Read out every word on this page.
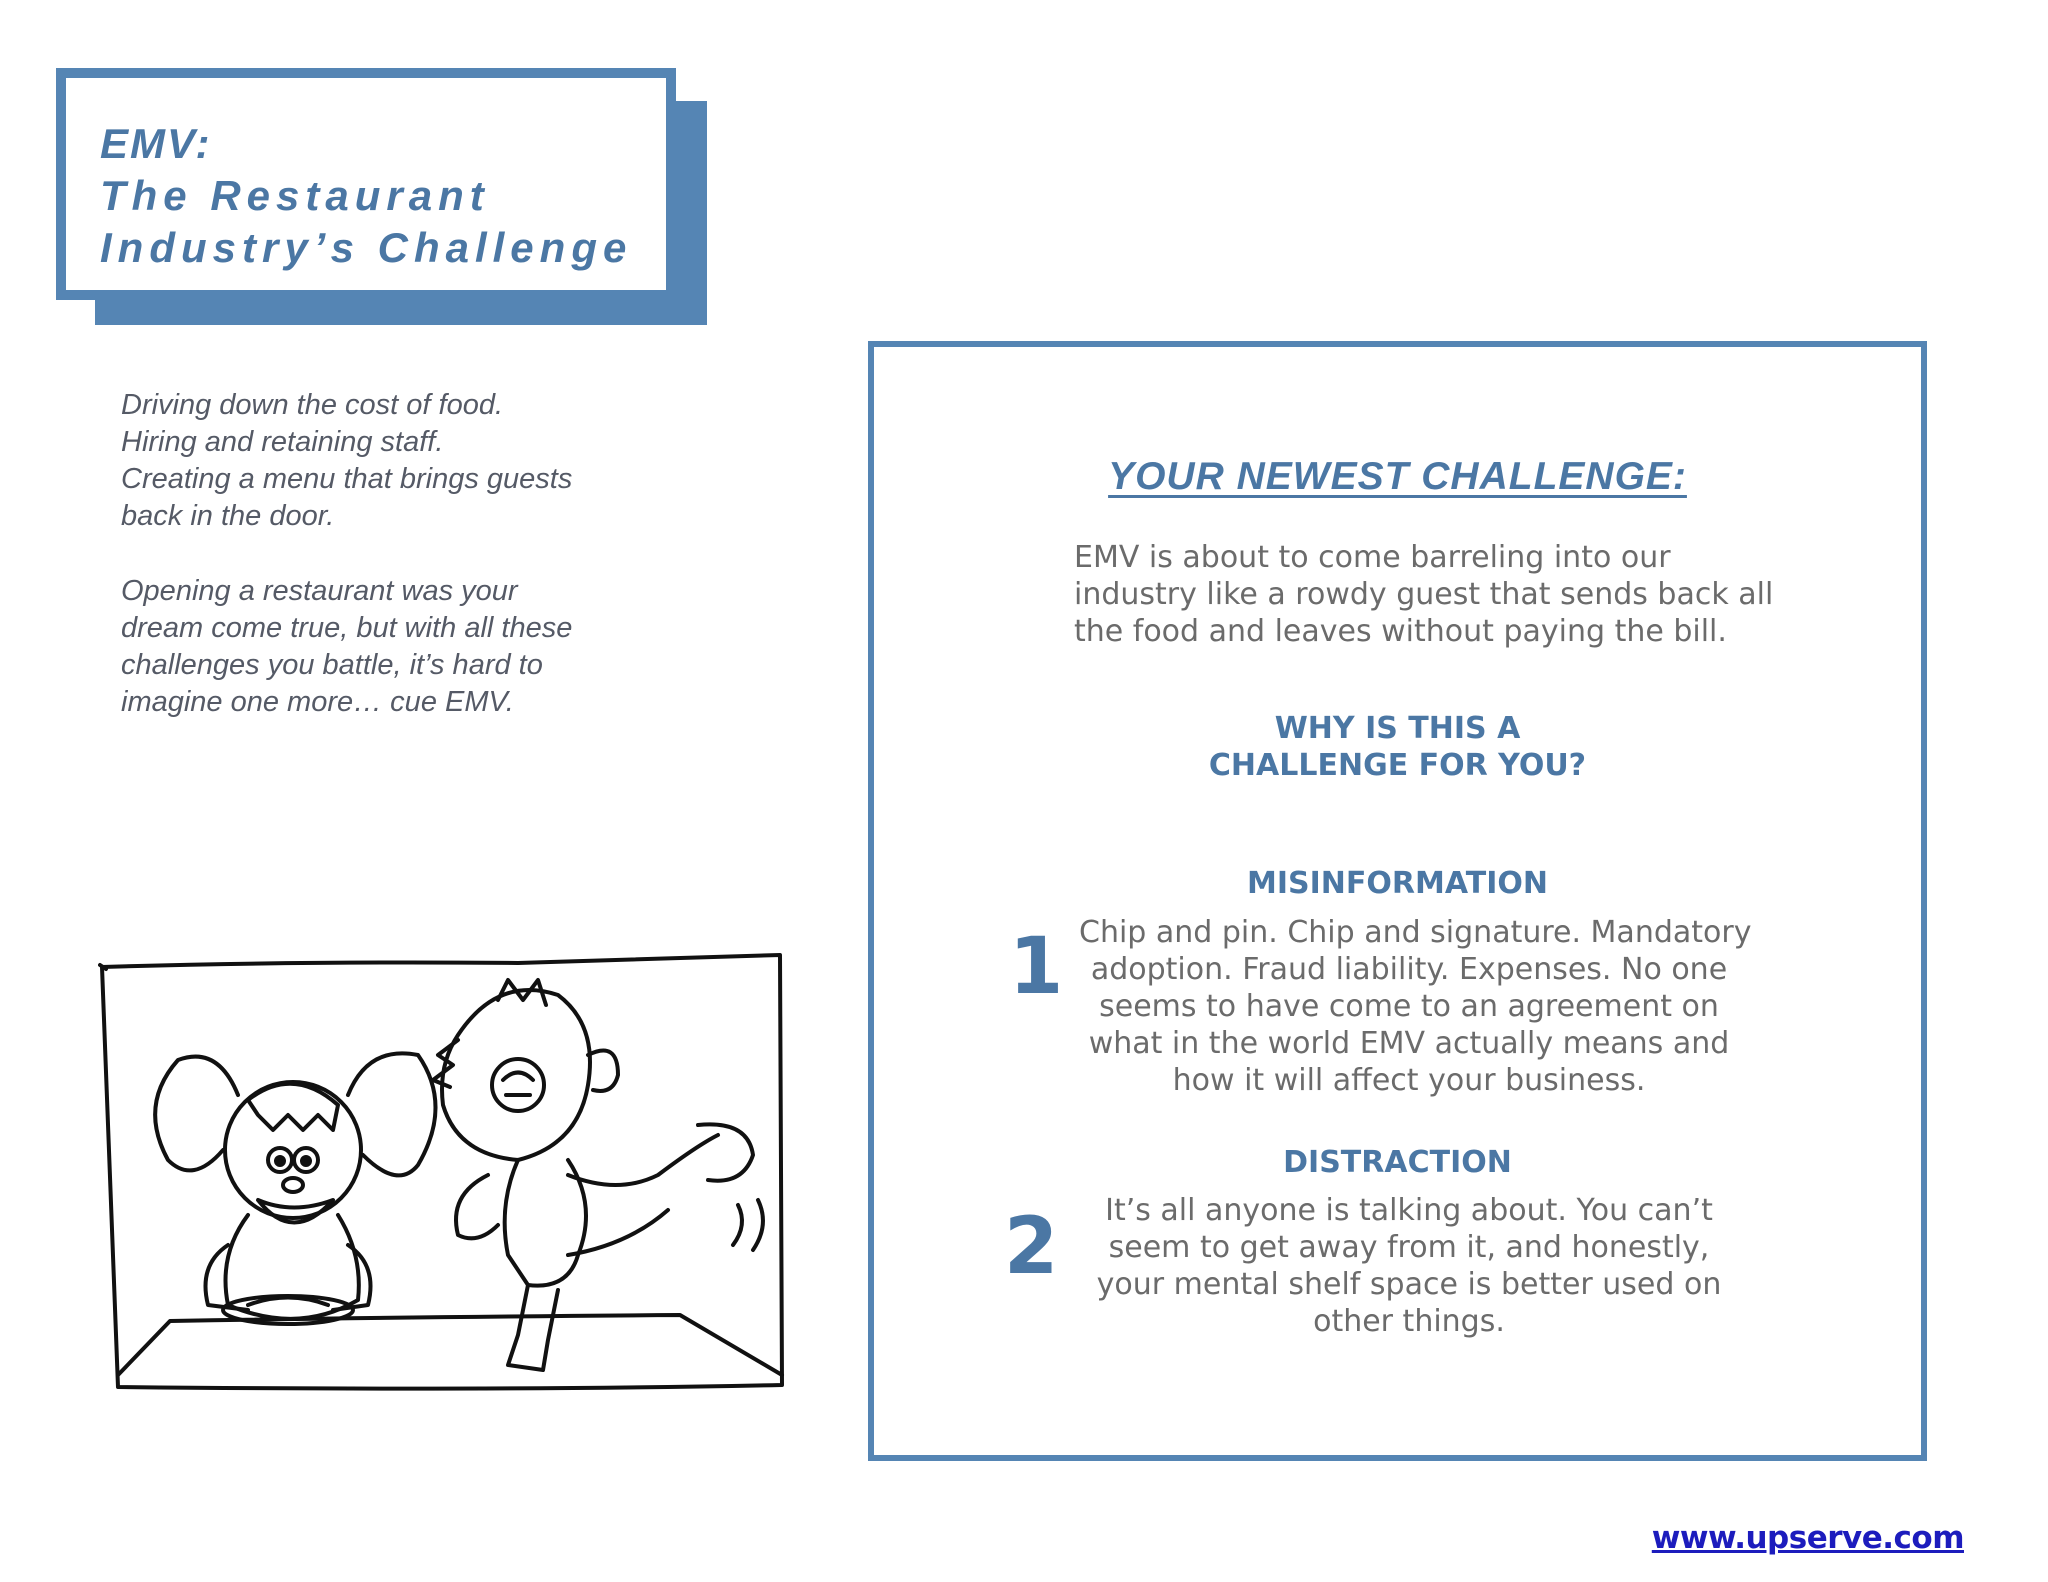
EMV:
The Restaurant
Industry’s Challenge
Driving down the cost of food.
Hiring and retaining staff.
Creating a menu that brings guests
back in the door.
Opening a restaurant was your
dream come true, but with all these
challenges you battle, it’s hard to
imagine one more… cue EMV.
YOUR NEWEST CHALLENGE:
EMV is about to come barreling into our
industry like a rowdy guest that sends back all
the food and leaves without paying the bill.
WHY IS THIS A
CHALLENGE FOR YOU?
MISINFORMATION
1 Chip and pin. Chip and signature. Mandatory
adoption. Fraud liability. Expenses. No one
seems to have come to an agreement on
what in the world EMV actually means and
how it will affect your business.
DISTRACTION
2	It’s all anyone is talking about. You can’t
seem to get away from it, and honestly,
your mental shelf space is better used on
other things.
www.upserve.com
